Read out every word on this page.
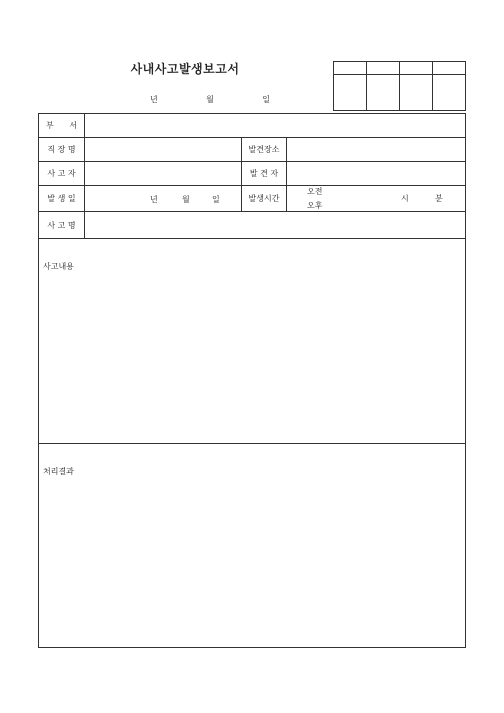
사내사고발생보고서
년	월	일
부 서
직 장 명	발견장소
사 고 자	발 견 자
발 생 일	년	월	일	발생시간
오전
오후
시	분
사 고 명
사고내용
처리결과
